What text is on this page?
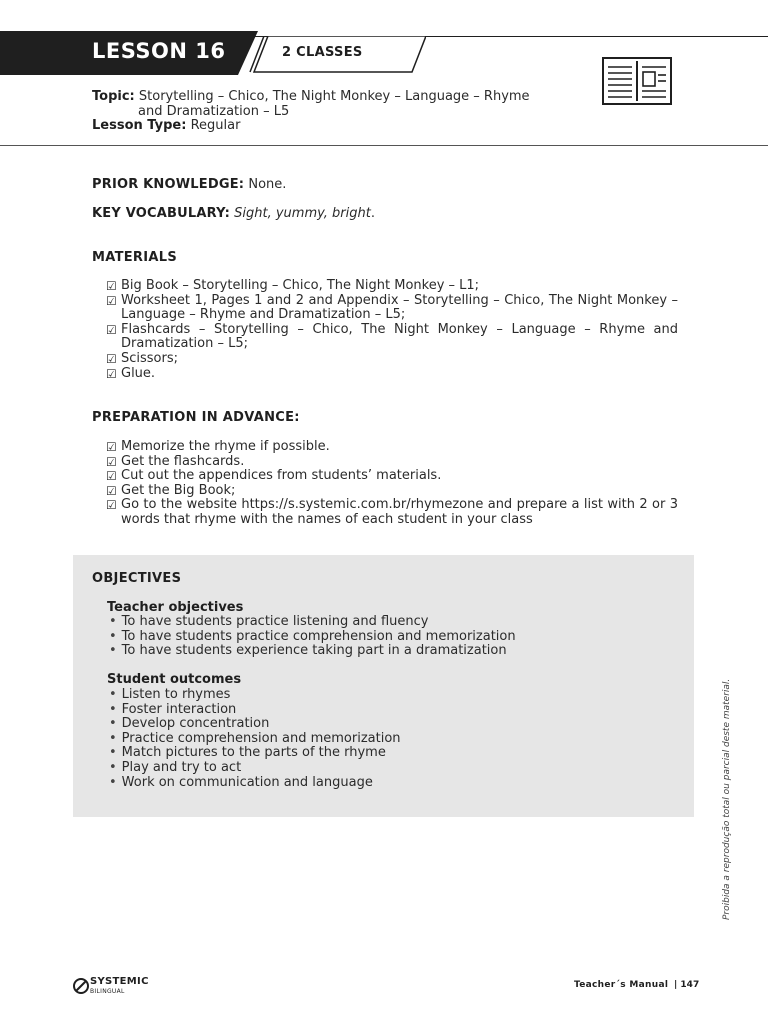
LESSON 16	2 CLASSES
Topic: Storytelling – Chico, The Night Monkey – Language – Rhyme
and Dramatization – L5
Lesson Type: Regular
PRIOR KNOWLEDGE: None.
KEY VOCABULARY: Sight, yummy, bright.
MATERIALS
☑ Big Book – Storytelling – Chico, The Night Monkey – L1;
☑ Worksheet 1, Pages 1 and 2 and Appendix – Storytelling – Chico, The Night Monkey – Language – Rhyme and Dramatization – L5;
☑ Flashcards – Storytelling – Chico, The Night Monkey – Language – Rhyme and Dramatization – L5;
☑ Scissors;
☑ Glue.
PREPARATION IN ADVANCE:
☑ Memorize the rhyme if possible.
☑ Get the flashcards.
☑ Cut out the appendices from students’ materials.
☑ Get the Big Book;
☑ Go to the website https://s.systemic.com.br/rhymezone and prepare a list with 2 or 3 words that rhyme with the names of each student in your class
OBJECTIVES
Teacher objectives
• To have students practice listening and fluency
• To have students practice comprehension and memorization
• To have students experience taking part in a dramatization
Student outcomes
• Listen to rhymes
• Foster interaction
• Develop concentration
• Practice comprehension and memorization
• Match pictures to the parts of the rhyme
• Play and try to act
• Work on communication and language	Proibida a reprodução total ou parcial deste material.
SYSTEMIC
BILINGUAL
Teacher´s Manual | 147
